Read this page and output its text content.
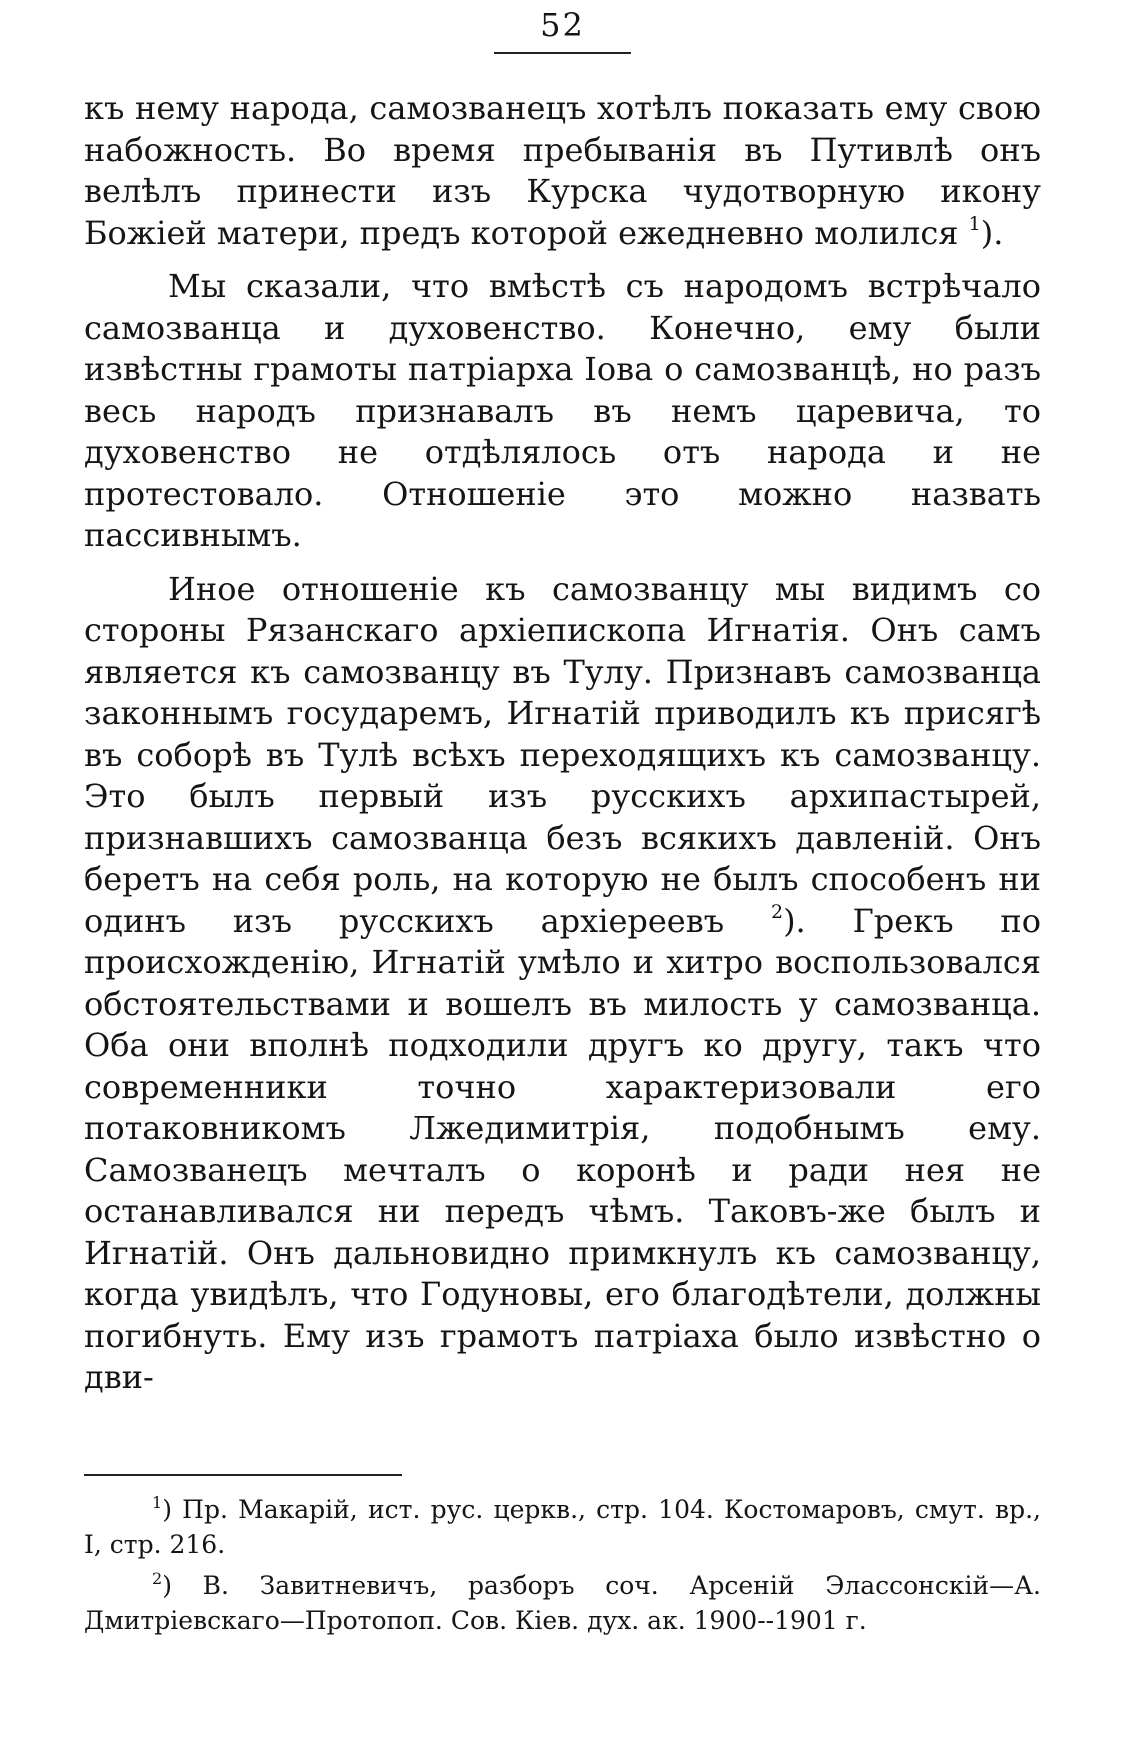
52

къ нему народа, самозванецъ хотѣлъ показать ему свою набожность. Во время пребыванія въ Путивлѣ онъ велѣлъ принести изъ Курска чудотворную икону Божіей матери, предъ которой ежедневно молился $^1$).

Мы сказали, что вмѣстѣ съ народомъ встрѣчало самозванца и духовенство. Конечно, ему были извѣстны грамоты патріарха Іова о самозванцѣ, но разъ весь народъ признавалъ въ немъ царевича, то духовенство не отдѣлялось отъ народа и не протестовало. Отношеніе это можно назвать пассивнымъ.

Иное отношеніе къ самозванцу мы видимъ со стороны Рязанскаго архіепископа Игнатія. Онъ самъ является къ самозванцу въ Тулу. Признавъ самозванца законнымъ государемъ, Игнатій приводилъ къ присягѣ въ соборѣ въ Тулѣ всѣхъ переходящихъ къ самозванцу. Это былъ первый изъ русскихъ архипастырей, признавшихъ самозванца безъ всякихъ давленій. Онъ беретъ на себя роль, на которую не былъ способенъ ни одинъ изъ русскихъ архіереевъ $^2$). Грекъ по происхожденію, Игнатій умѣло и хитро воспользовался обстоятельствами и вошелъ въ милость у самозванца. Оба они вполнѣ подходили другъ ко другу, такъ что современники точно характеризовали его потаковникомъ Лжедимитрія, подобнымъ ему. Самозванецъ мечталъ о коронѣ и ради нея не останавливался ни передъ чѣмъ. Таковъ-же былъ и Игнатій. Онъ дальновидно примкнулъ къ самозванцу, когда увидѣлъ, что Годуновы, его благодѣтели, должны погибнуть. Ему изъ грамотъ патріаха было извѣстно о дви-

$^1$) Пр. Макарій, ист. рус. церкв., стр. 104. Костомаровъ, смут. вр., I, стр. 216.

$^2$) В. Завитневичъ, разборъ соч. Арсеній Элассонскій—А. Дмитріевскаго—Протопоп. Сов. Кіев. дух. ак. 1900--1901 г.
